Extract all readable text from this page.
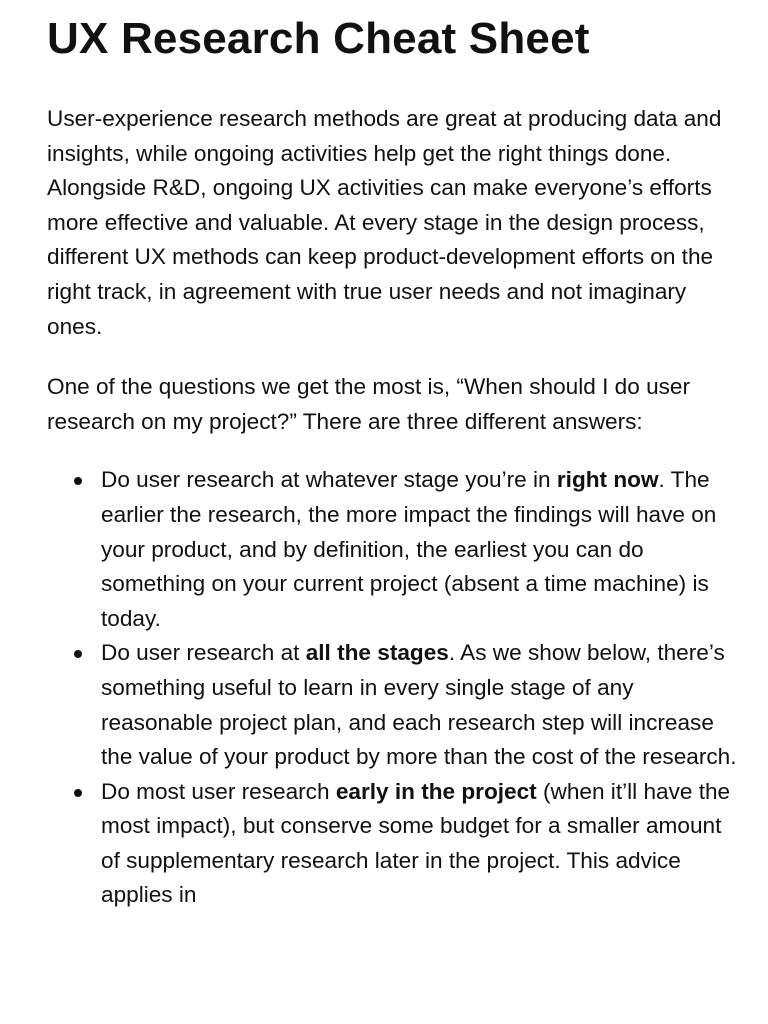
UX Research Cheat Sheet

User-experience research methods are great at producing data and insights, while ongoing activities help get the right things done. Alongside R&D, ongoing UX activities can make everyone’s efforts more effective and valuable. At every stage in the design process, different UX methods can keep product-development efforts on the right track, in agreement with true user needs and not imaginary ones.

One of the questions we get the most is, “When should I do user research on my project?” There are three different answers:

Do user research at whatever stage you’re in right now. The earlier the research, the more impact the findings will have on your product, and by definition, the earliest you can do something on your current project (absent a time machine) is today.
Do user research at all the stages. As we show below, there’s something useful to learn in every single stage of any reasonable project plan, and each research step will increase the value of your product by more than the cost of the research.
Do most user research early in the project (when it’ll have the most impact), but conserve some budget for a smaller amount of supplementary research later in the project. This advice applies in
